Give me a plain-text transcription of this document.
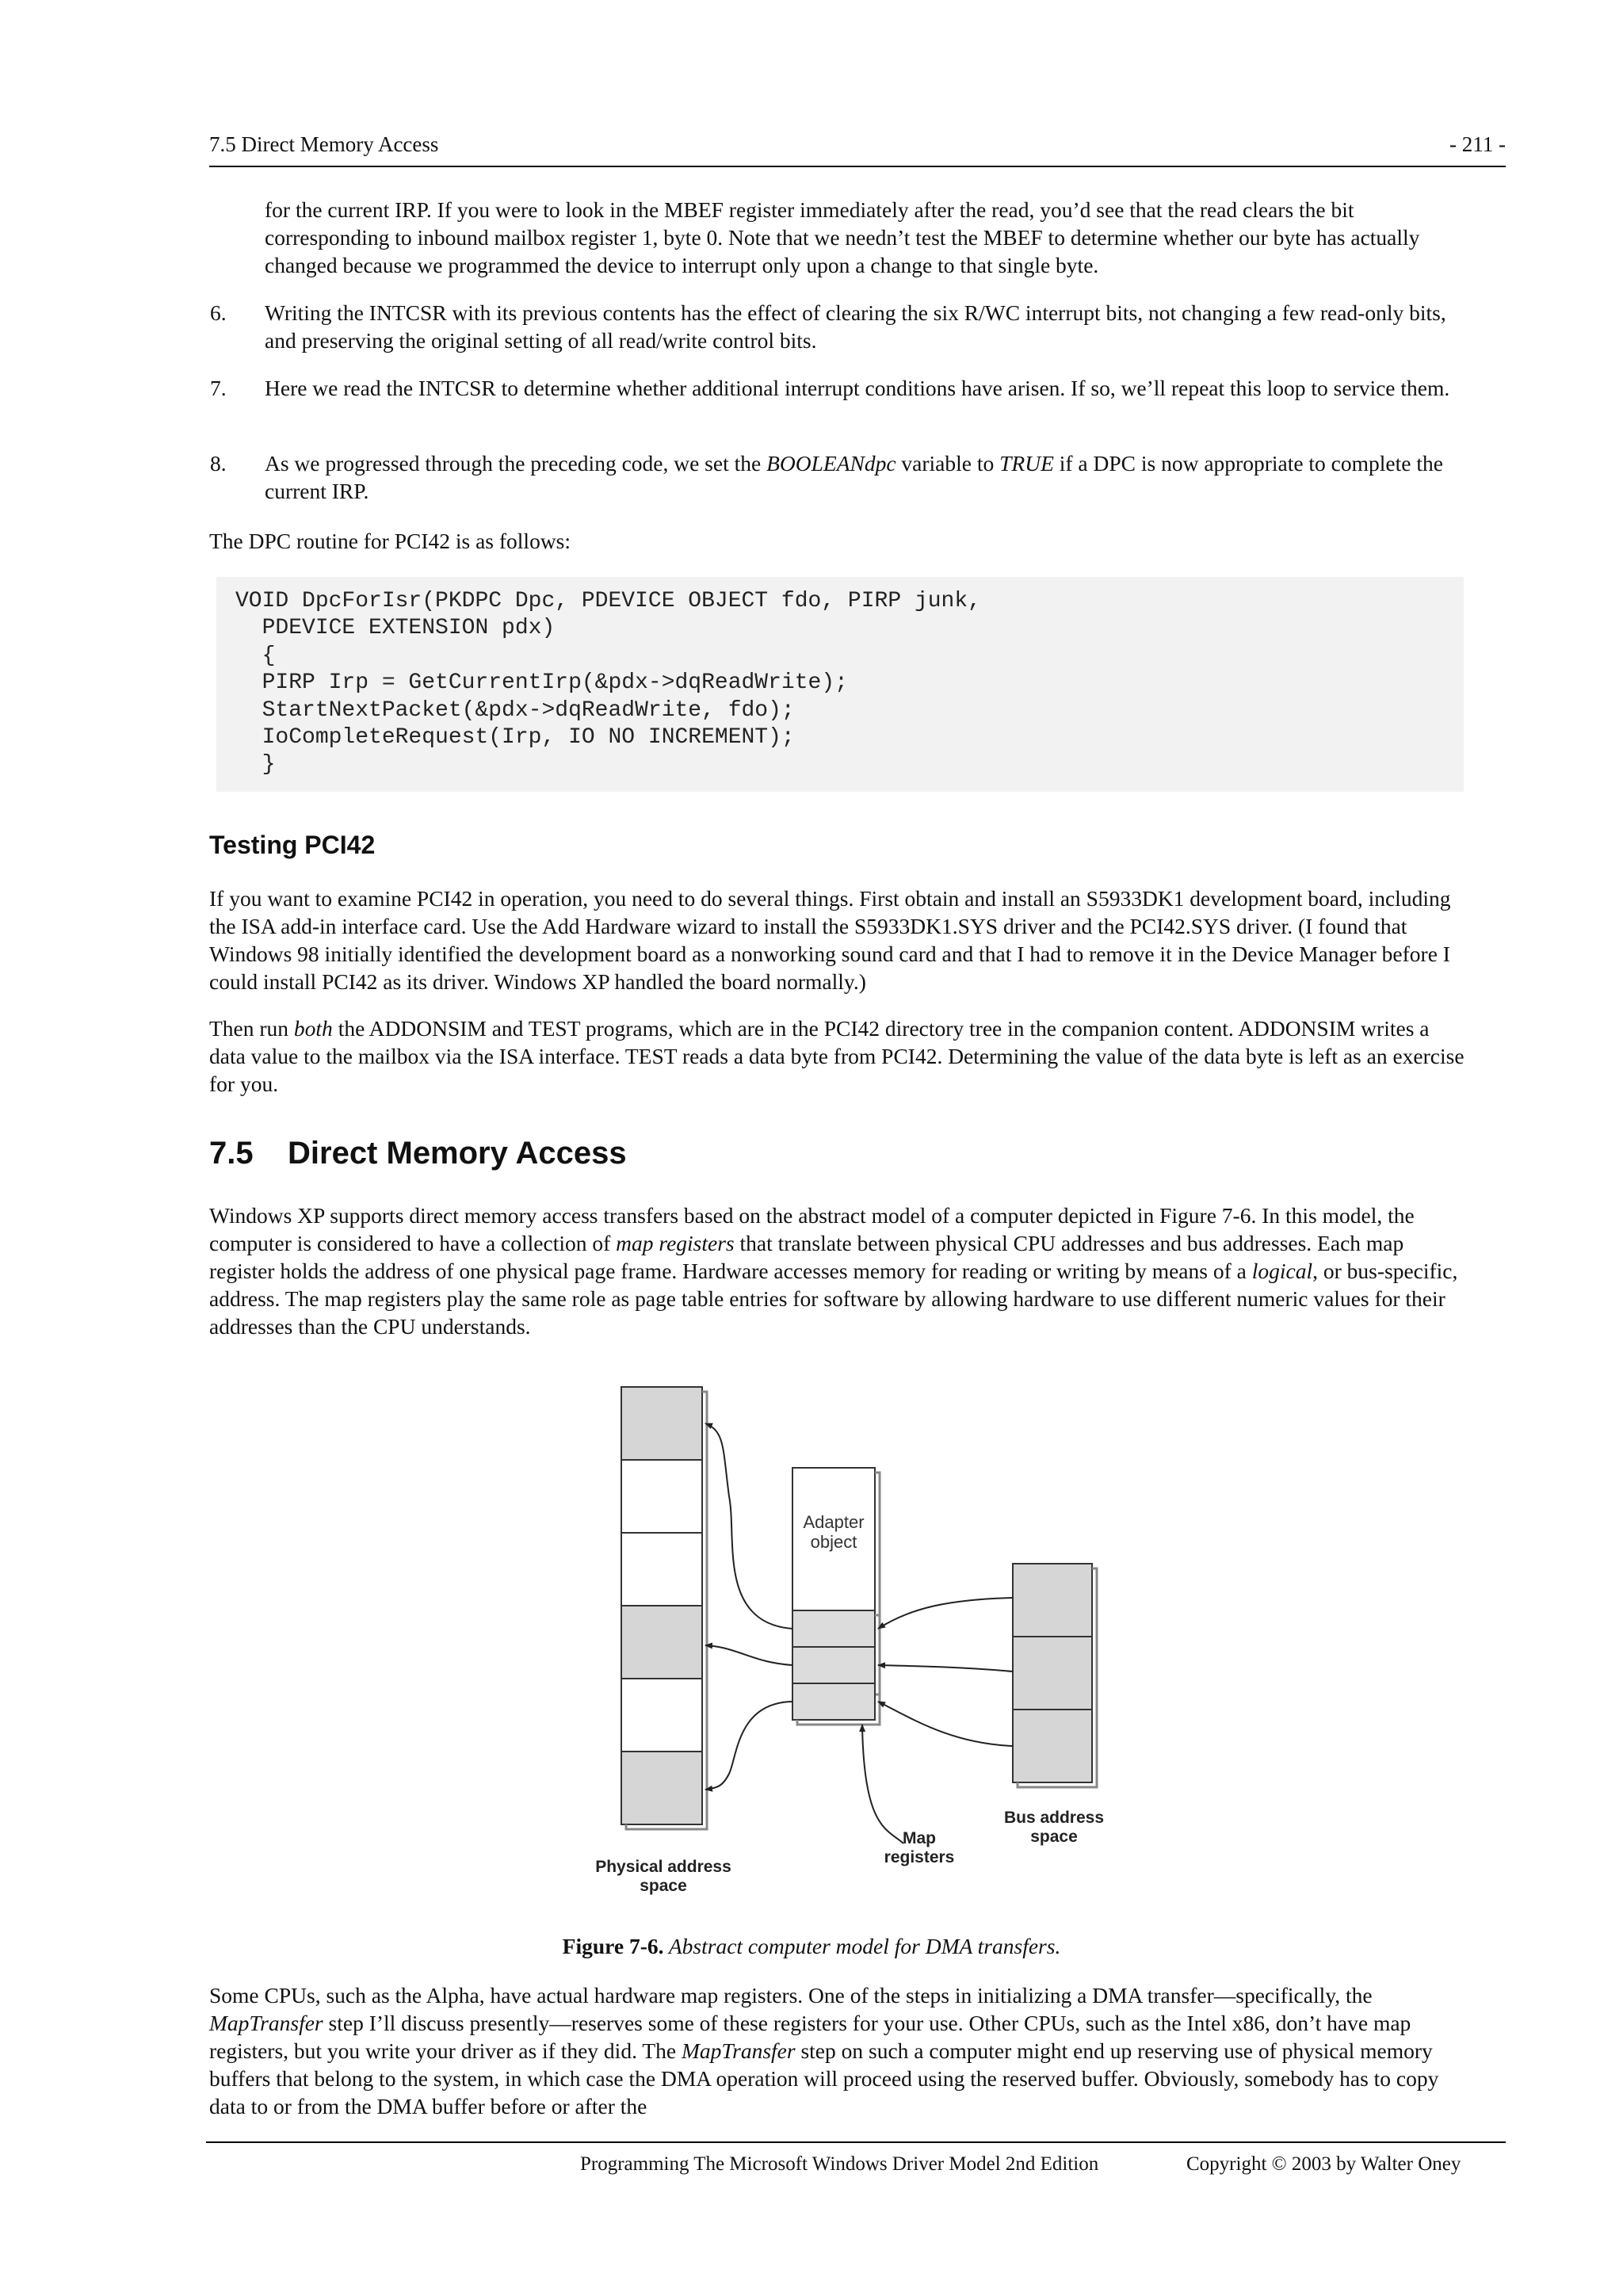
7.5 Direct Memory Access	- 211 -

for the current IRP. If you were to look in the MBEF register immediately after the read, you’d see that the read clears the bit corresponding to inbound mailbox register 1, byte 0. Note that we needn’t test the MBEF to determine whether our byte has actually changed because we programmed the device to interrupt only upon a change to that single byte.

6. Writing the INTCSR with its previous contents has the effect of clearing the six R/WC interrupt bits, not changing a few read-only bits, and preserving the original setting of all read/write control bits.

7. Here we read the INTCSR to determine whether additional interrupt conditions have arisen. If so, we’ll repeat this loop to service them.

8. As we progressed through the preceding code, we set the BOOLEANdpc variable to TRUE if a DPC is now appropriate to complete the current IRP.

The DPC routine for PCI42 is as follows:

VOID DpcForIsr(PKDPC Dpc, PDEVICE OBJECT fdo, PIRP junk,
PDEVICE EXTENSION pdx)
{
PIRP Irp = GetCurrentIrp(&pdx->dqReadWrite);
StartNextPacket(&pdx->dqReadWrite, fdo);
IoCompleteRequest(Irp, IO NO INCREMENT);
}
Testing PCI42

If you want to examine PCI42 in operation, you need to do several things. First obtain and install an S5933DK1 development board, including the ISA add-in interface card. Use the Add Hardware wizard to install the S5933DK1.SYS driver and the PCI42.SYS driver. (I found that Windows 98 initially identified the development board as a nonworking sound card and that I had to remove it in the Device Manager before I could install PCI42 as its driver. Windows XP handled the board normally.)

Then run both the ADDONSIM and TEST programs, which are in the PCI42 directory tree in the companion content. ADDONSIM writes a data value to the mailbox via the ISA interface. TEST reads a data byte from PCI42. Determining the value of the data byte is left as an exercise for you.

7.5 Direct Memory Access

Windows XP supports direct memory access transfers based on the abstract model of a computer depicted in Figure 7-6. In this model, the computer is considered to have a collection of map registers that translate between physical CPU addresses and bus addresses. Each map register holds the address of one physical page frame. Hardware accesses memory for reading or writing by means of a logical, or bus-specific, address. The map registers play the same role as page table entries for software by allowing hardware to use different numeric values for their addresses than the CPU understands.

Adapter
object
Bus address
space
Map
registers
Physical address
space
Figure 7-6. Abstract computer model for DMA transfers.

Some CPUs, such as the Alpha, have actual hardware map registers. One of the steps in initializing a DMA transfer—specifically, the MapTransfer step I’ll discuss presently—reserves some of these registers for your use. Other CPUs, such as the Intel x86, don’t have map registers, but you write your driver as if they did. The MapTransfer step on such a computer might end up reserving use of physical memory buffers that belong to the system, in which case the DMA operation will proceed using the reserved buffer. Obviously, somebody has to copy data to or from the DMA buffer before or after the

Programming The Microsoft Windows Driver Model 2nd Edition	Copyright © 2003 by Walter Oney
